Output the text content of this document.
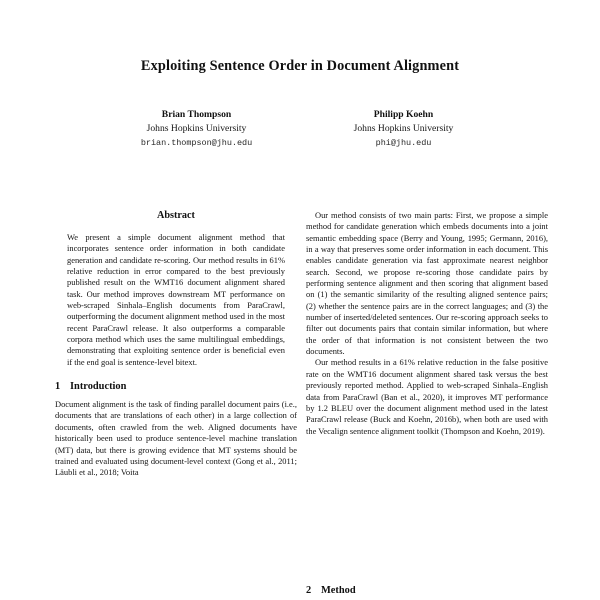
Exploiting Sentence Order in Document Alignment
Brian Thompson
Johns Hopkins University
brian.thompson@jhu.edu
Philipp Koehn
Johns Hopkins University
phi@jhu.edu
Abstract

We present a simple document alignment method that incorporates sentence order information in both candidate generation and candidate re-scoring. Our method results in 61% relative reduction in error compared to the best previously published result on the WMT16 document alignment shared task. Our method improves downstream MT performance on web-scraped Sinhala–English documents from ParaCrawl, outperforming the document alignment method used in the most recent ParaCrawl release. It also outperforms a comparable corpora method which uses the same multilingual embeddings, demonstrating that exploiting sentence order is beneficial even if the end goal is sentence-level bitext.

1 Introduction

Document alignment is the task of finding parallel document pairs (i.e., documents that are translations of each other) in a large collection of documents, often crawled from the web. Aligned documents have historically been used to produce sentence-level machine translation (MT) data, but there is growing evidence that MT systems should be trained and evaluated using document-level context (Gong et al., 2011; Läubli et al., 2018; Voita

Our method consists of two main parts: First, we propose a simple method for candidate generation which embeds documents into a joint semantic embedding space (Berry and Young, 1995; Germann, 2016), in a way that preserves some order information in each document. This enables candidate generation via fast approximate nearest neighbor search. Second, we propose re-scoring those candidate pairs by performing sentence alignment and then scoring that alignment based on (1) the semantic similarity of the resulting aligned sentence pairs; (2) whether the sentence pairs are in the correct languages; and (3) the number of inserted/deleted sentences. Our re-scoring approach seeks to filter out documents pairs that contain similar information, but where the order of that information is not consistent between the two documents.

Our method results in a 61% relative reduction in the false positive rate on the WMT16 document alignment shared task versus the best previously reported method. Applied to web-scraped Sinhala–English data from ParaCrawl (Ban et al., 2020), it improves MT performance by 1.2 BLEU over the document alignment method used in the latest ParaCrawl release (Buck and Koehn, 2016b), when both are used with the Vecalign sentence alignment toolkit (Thompson and Koehn, 2019).

2 Method
